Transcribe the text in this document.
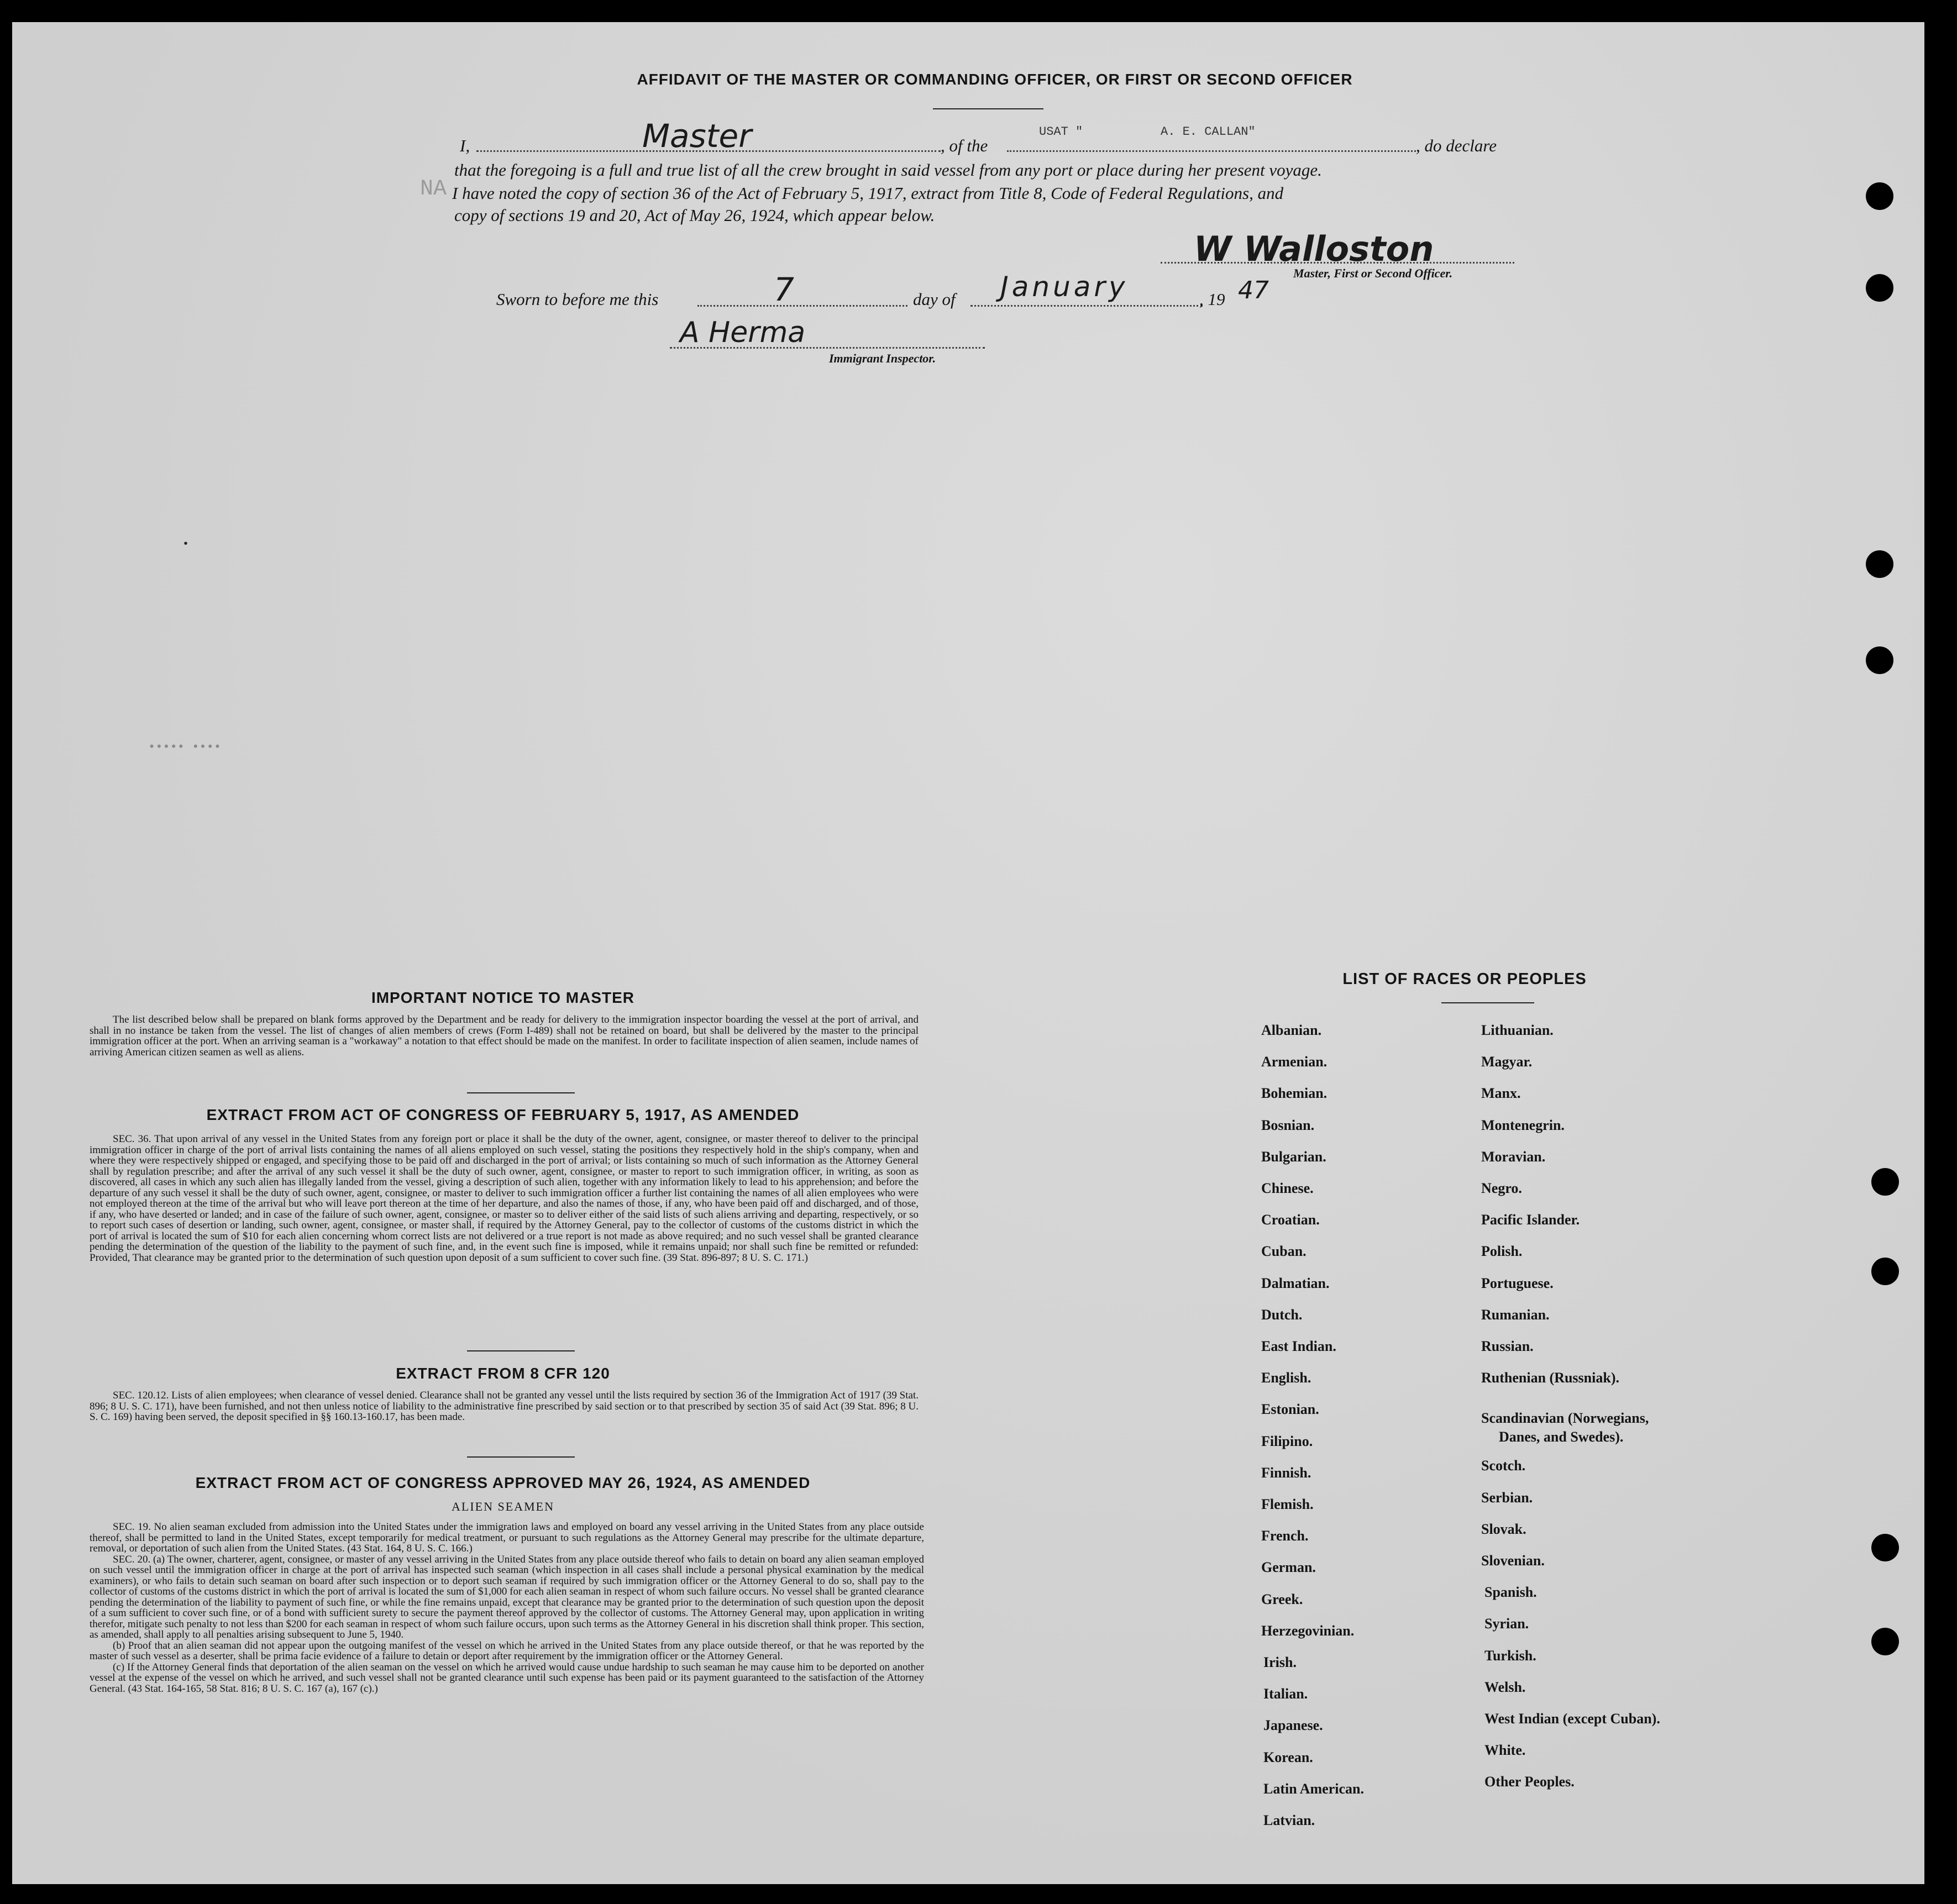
AFFIDAVIT OF THE MASTER OR COMMANDING OFFICER, OR FIRST OR SECOND OFFICER
I,	Master	, of the
USAT "	A. E. CALLAN"
, do declare
that the foregoing is a full and true list of all the crew brought in said vessel from any port or place during her present voyage.
I have noted the copy of section 36 of the Act of February 5, 1917, extract from Title 8, Code of Federal Regulations, and
copy of sections 19 and 20, Act of May 26, 1924, which appear below.
W Walloston
Master, First or Second Officer.
Sworn to before me this	7	day of January	, 19 47
A Herma
Immigrant Inspector.
NA
•
••••• ••••
IMPORTANT NOTICE TO MASTER
The list described below shall be prepared on blank forms approved by the Department and be ready for delivery to the immigration inspector boarding the vessel at the port of arrival, and shall in no instance be taken from the vessel. The list of changes of alien members of crews (Form I-489) shall not be retained on board, but shall be delivered by the master to the principal immigration officer at the port. When an arriving seaman is a "workaway" a notation to that effect should be made on the manifest. In order to facilitate inspection of alien seamen, include names of arriving American citizen seamen as well as aliens.
EXTRACT FROM ACT OF CONGRESS OF FEBRUARY 5, 1917, AS AMENDED
SEC. 36. That upon arrival of any vessel in the United States from any foreign port or place it shall be the duty of the owner, agent, consignee, or master thereof to deliver to the principal immigration officer in charge of the port of arrival lists containing the names of all aliens employed on such vessel, stating the positions they respectively hold in the ship's company, when and where they were respectively shipped or engaged, and specifying those to be paid off and discharged in the port of arrival; or lists containing so much of such information as the Attorney General shall by regulation prescribe; and after the arrival of any such vessel it shall be the duty of such owner, agent, consignee, or master to report to such immigration officer, in writing, as soon as discovered, all cases in which any such alien has illegally landed from the vessel, giving a description of such alien, together with any information likely to lead to his apprehension; and before the departure of any such vessel it shall be the duty of such owner, agent, consignee, or master to deliver to such immigration officer a further list containing the names of all alien employees who were not employed thereon at the time of the arrival but who will leave port thereon at the time of her departure, and also the names of those, if any, who have been paid off and discharged, and of those, if any, who have deserted or landed; and in case of the failure of such owner, agent, consignee, or master so to deliver either of the said lists of such aliens arriving and departing, respectively, or so to report such cases of desertion or landing, such owner, agent, consignee, or master shall, if required by the Attorney General, pay to the collector of customs of the customs district in which the port of arrival is located the sum of $10 for each alien concerning whom correct lists are not delivered or a true report is not made as above required; and no such vessel shall be granted clearance pending the determination of the question of the liability to the payment of such fine, and, in the event such fine is imposed, while it remains unpaid; nor shall such fine be remitted or refunded: Provided, That clearance may be granted prior to the determination of such question upon deposit of a sum sufficient to cover such fine. (39 Stat. 896-897; 8 U. S. C. 171.)
EXTRACT FROM 8 CFR 120
SEC. 120.12. Lists of alien employees; when clearance of vessel denied. Clearance shall not be granted any vessel until the lists required by section 36 of the Immigration Act of 1917 (39 Stat. 896; 8 U. S. C. 171), have been furnished, and not then unless notice of liability to the administrative fine prescribed by said section or to that prescribed by section 35 of said Act (39 Stat. 896; 8 U. S. C. 169) having been served, the deposit specified in §§ 160.13-160.17, has been made.
EXTRACT FROM ACT OF CONGRESS APPROVED MAY 26, 1924, AS AMENDED
ALIEN SEAMEN
SEC. 19. No alien seaman excluded from admission into the United States under the immigration laws and employed on board any vessel arriving in the United States from any place outside thereof, shall be permitted to land in the United States, except temporarily for medical treatment, or pursuant to such regulations as the Attorney General may prescribe for the ultimate departure, removal, or deportation of such alien from the United States. (43 Stat. 164, 8 U. S. C. 166.)
SEC. 20. (a) The owner, charterer, agent, consignee, or master of any vessel arriving in the United States from any place outside thereof who fails to detain on board any alien seaman employed on such vessel until the immigration officer in charge at the port of arrival has inspected such seaman (which inspection in all cases shall include a personal physical examination by the medical examiners), or who fails to detain such seaman on board after such inspection or to deport such seaman if required by such immigration officer or the Attorney General to do so, shall pay to the collector of customs of the customs district in which the port of arrival is located the sum of $1,000 for each alien seaman in respect of whom such failure occurs. No vessel shall be granted clearance pending the determination of the liability to payment of such fine, or while the fine remains unpaid, except that clearance may be granted prior to the determination of such question upon the deposit of a sum sufficient to cover such fine, or of a bond with sufficient surety to secure the payment thereof approved by the collector of customs. The Attorney General may, upon application in writing therefor, mitigate such penalty to not less than $200 for each seaman in respect of whom such failure occurs, upon such terms as the Attorney General in his discretion shall think proper. This section, as amended, shall apply to all penalties arising subsequent to June 5, 1940.
(b) Proof that an alien seaman did not appear upon the outgoing manifest of the vessel on which he arrived in the United States from any place outside thereof, or that he was reported by the master of such vessel as a deserter, shall be prima facie evidence of a failure to detain or deport after requirement by the immigration officer or the Attorney General.
(c) If the Attorney General finds that deportation of the alien seaman on the vessel on which he arrived would cause undue hardship to such seaman he may cause him to be deported on another vessel at the expense of the vessel on which he arrived, and such vessel shall not be granted clearance until such expense has been paid or its payment guaranteed to the satisfaction of the Attorney General. (43 Stat. 164-165, 58 Stat. 816; 8 U. S. C. 167 (a), 167 (c).)
LIST OF RACES OR PEOPLES
Albanian.
Armenian.
Bohemian.
Bosnian.
Bulgarian.
Chinese.
Croatian.
Cuban.
Dalmatian.
Dutch.
East Indian.
English.
Estonian.
Filipino.
Finnish.
Flemish.
French.
German.
Greek.
Herzegovinian.
Irish.
Italian.
Japanese.
Korean.
Latin American.
Latvian.
Lithuanian.
Magyar.
Manx.
Montenegrin.
Moravian.
Negro.
Pacific Islander.
Polish.
Portuguese.
Rumanian.
Russian.
Ruthenian (Russniak).
Scandinavian (Norwegians,
Danes, and Swedes).
Scotch.
Serbian.
Slovak.
Slovenian.
Spanish.
Syrian.
Turkish.
Welsh.
West Indian (except Cuban).
White.
Other Peoples.
